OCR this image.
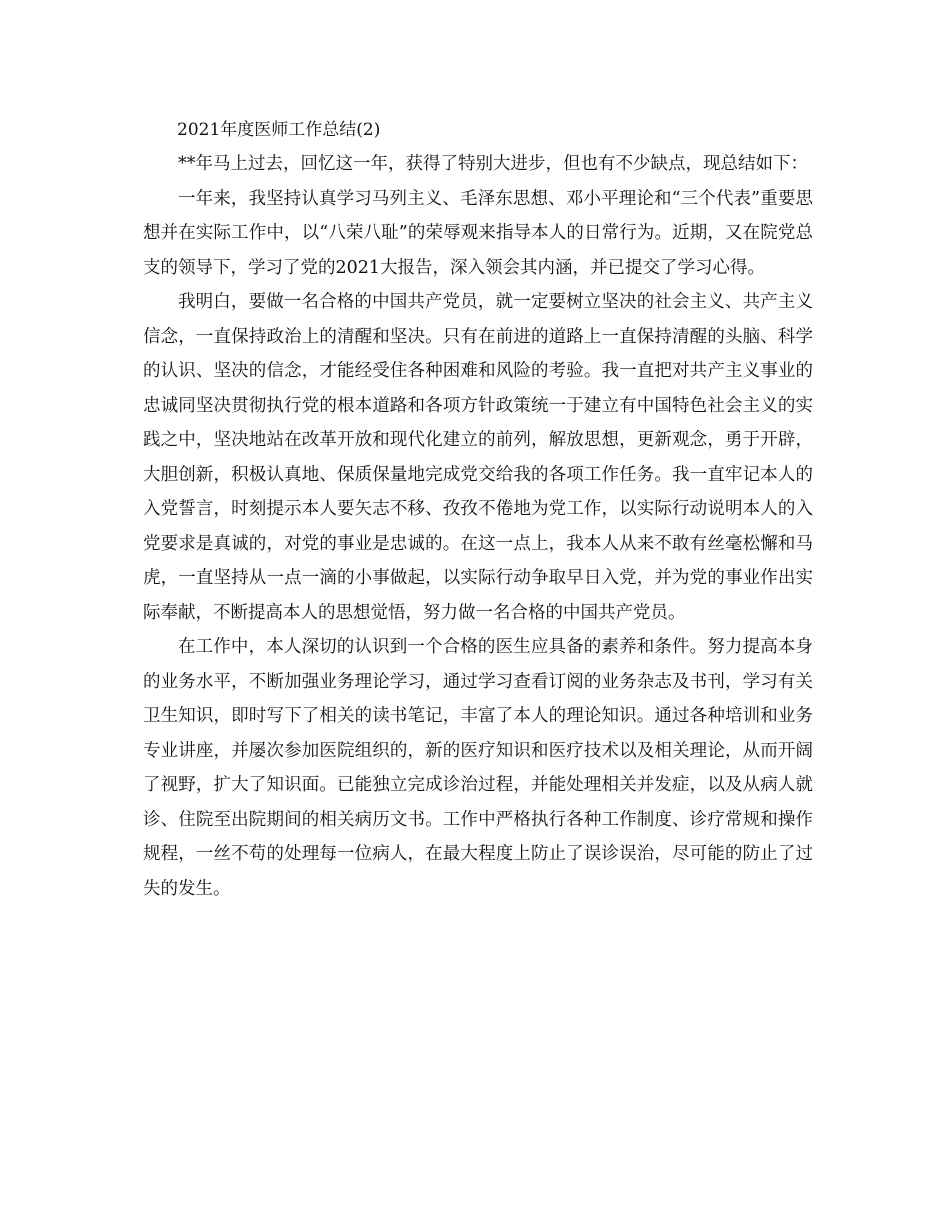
2021年度医师工作总结(2)

**年马上过去，回忆这一年，获得了特别大进步，但也有不少缺点，现总结如下：

一年来，我坚持认真学习马列主义、毛泽东思想、邓小平理论和“三个代表”重要思想并在实际工作中，以“八荣八耻”的荣辱观来指导本人的日常行为。近期，又在院党总支的领导下，学习了党的2021大报告，深入领会其内涵，并已提交了学习心得。

我明白，要做一名合格的中国共产党员，就一定要树立坚决的社会主义、共产主义信念，一直保持政治上的清醒和坚决。只有在前进的道路上一直保持清醒的头脑、科学的认识、坚决的信念，才能经受住各种困难和风险的考验。我一直把对共产主义事业的忠诚同坚决贯彻执行党的根本道路和各项方针政策统一于建立有中国特色社会主义的实践之中，坚决地站在改革开放和现代化建立的前列，解放思想，更新观念，勇于开辟，大胆创新，积极认真地、保质保量地完成党交给我的各项工作任务。我一直牢记本人的入党誓言，时刻提示本人要矢志不移、孜孜不倦地为党工作，以实际行动说明本人的入党要求是真诚的，对党的事业是忠诚的。在这一点上，我本人从来不敢有丝毫松懈和马虎，一直坚持从一点一滴的小事做起，以实际行动争取早日入党，并为党的事业作出实际奉献，不断提高本人的思想觉悟，努力做一名合格的中国共产党员。

在工作中，本人深切的认识到一个合格的医生应具备的素养和条件。努力提高本身的业务水平，不断加强业务理论学习，通过学习查看订阅的业务杂志及书刊，学习有关卫生知识，即时写下了相关的读书笔记，丰富了本人的理论知识。通过各种培训和业务专业讲座，并屡次参加医院组织的，新的医疗知识和医疗技术以及相关理论，从而开阔了视野，扩大了知识面。已能独立完成诊治过程，并能处理相关并发症，以及从病人就诊、住院至出院期间的相关病历文书。工作中严格执行各种工作制度、诊疗常规和操作规程，一丝不苟的处理每一位病人，在最大程度上防止了误诊误治，尽可能的防止了过失的发生。
